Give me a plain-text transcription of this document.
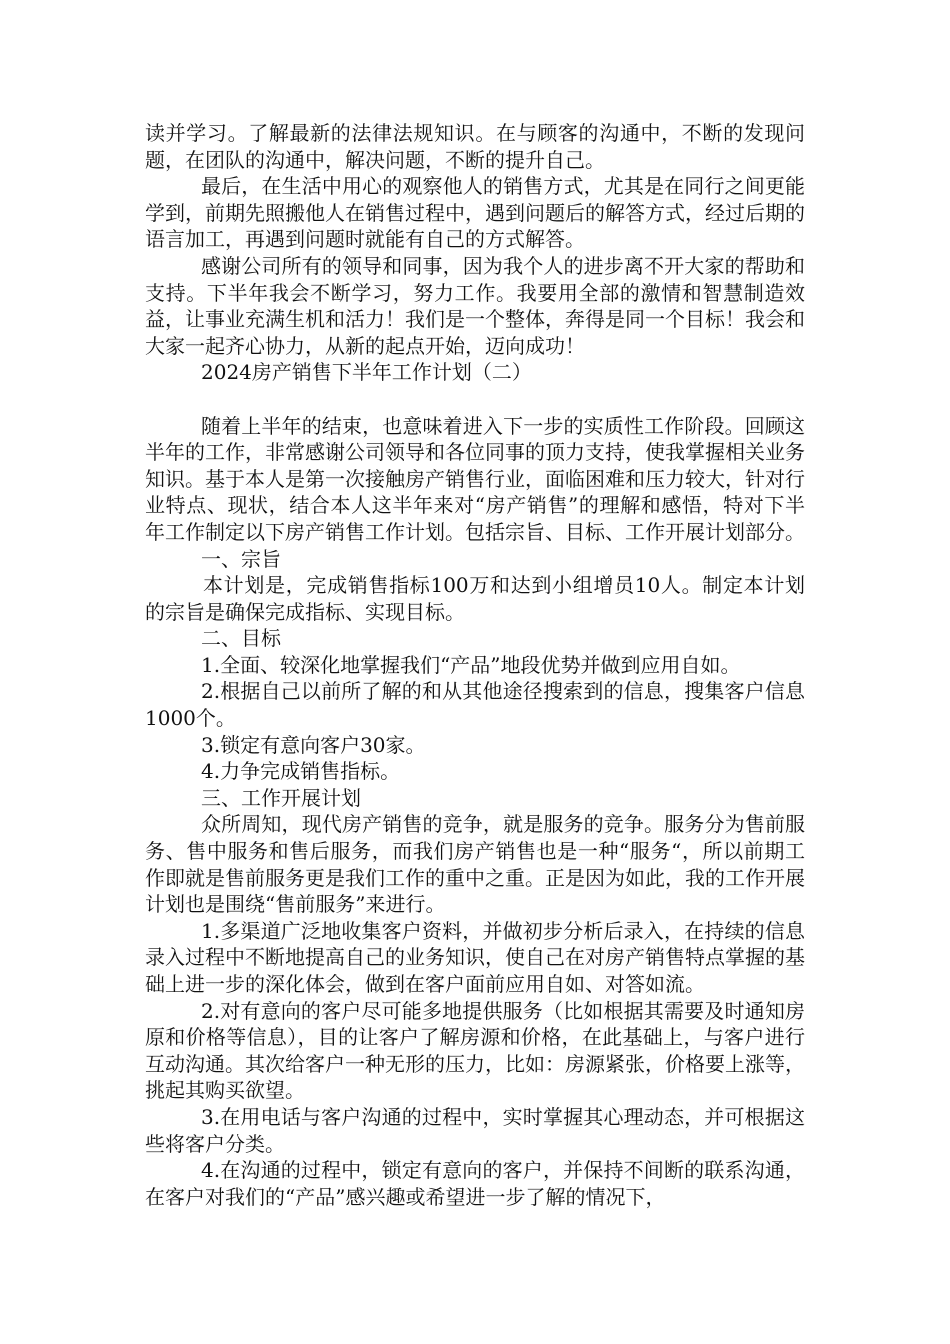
读并学习。了解最新的法律法规知识。在与顾客的沟通中，不断的发现问题，在团队的沟通中，解决问题，不断的提升自己。

最后，在生活中用心的观察他人的销售方式，尤其是在同行之间更能学到，前期先照搬他人在销售过程中，遇到问题后的解答方式，经过后期的语言加工，再遇到问题时就能有自己的方式解答。

感谢公司所有的领导和同事，因为我个人的进步离不开大家的帮助和支持。下半年我会不断学习，努力工作。我要用全部的激情和智慧制造效益，让事业充满生机和活力！我们是一个整体，奔得是同一个目标！我会和大家一起齐心协力，从新的起点开始，迈向成功！

2024房产销售下半年工作计划（二）

随着上半年的结束，也意味着进入下一步的实质性工作阶段。回顾这半年的工作，非常感谢公司领导和各位同事的顶力支持，使我掌握相关业务知识。基于本人是第一次接触房产销售行业，面临困难和压力较大，针对行业特点、现状，结合本人这半年来对“房产销售”的理解和感悟，特对下半年工作制定以下房产销售工作计划。包括宗旨、目标、工作开展计划部分。

一、宗旨

本计划是，完成销售指标100万和达到小组增员10人。制定本计划的宗旨是确保完成指标、实现目标。

二、目标

1.全面、较深化地掌握我们“产品”地段优势并做到应用自如。

2.根据自己以前所了解的和从其他途径搜索到的信息，搜集客户信息1000个。

3.锁定有意向客户30家。

4.力争完成销售指标。

三、工作开展计划

众所周知，现代房产销售的竞争，就是服务的竞争。服务分为售前服务、售中服务和售后服务，而我们房产销售也是一种“服务“，所以前期工作即就是售前服务更是我们工作的重中之重。正是因为如此，我的工作开展计划也是围绕“售前服务”来进行。

1.多渠道广泛地收集客户资料，并做初步分析后录入，在持续的信息录入过程中不断地提高自己的业务知识，使自己在对房产销售特点掌握的基础上进一步的深化体会，做到在客户面前应用自如、对答如流。

2.对有意向的客户尽可能多地提供服务（比如根据其需要及时通知房原和价格等信息），目的让客户了解房源和价格，在此基础上，与客户进行互动沟通。其次给客户一种无形的压力，比如：房源紧张，价格要上涨等，挑起其购买欲望。

3.在用电话与客户沟通的过程中，实时掌握其心理动态，并可根据这些将客户分类。

4.在沟通的过程中，锁定有意向的客户，并保持不间断的联系沟通，在客户对我们的“产品”感兴趣或希望进一步了解的情况下，
